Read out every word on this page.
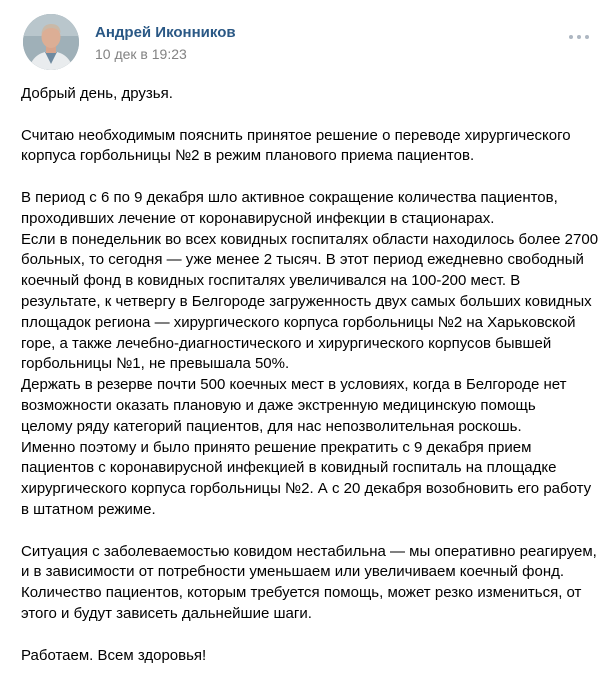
Андрей Иконников
10 дек в 19:23

Добрый день, друзья.

Считаю необходимым пояснить принятое решение о переводе хирургического

корпуса горбольницы №2 в режим планового приема пациентов.

В период с 6 по 9 декабря шло активное сокращение количества пациентов,

проходивших лечение от коронавирусной инфекции в стационарах.

Если в понедельник во всех ковидных госпиталях области находилось более 2700

больных, то сегодня — уже менее 2 тысяч. В этот период ежедневно свободный

коечный фонд в ковидных госпиталях увеличивался на 100-200 мест. В

результате, к четвергу в Белгороде загруженность двух самых больших ковидных

площадок региона — хирургического корпуса горбольницы №2 на Харьковской

горе, а также лечебно-диагностического и хирургического корпусов бывшей

горбольницы №1, не превышала 50%.

Держать в резерве почти 500 коечных мест в условиях, когда в Белгороде нет

возможности оказать плановую и даже экстренную медицинскую помощь

целому ряду категорий пациентов, для нас непозволительная роскошь.

Именно поэтому и было принято решение прекратить с 9 декабря прием

пациентов с коронавирусной инфекцией в ковидный госпиталь на площадке

хирургического корпуса горбольницы №2. А с 20 декабря возобновить его работу

в штатном режиме.

Ситуация с заболеваемостью ковидом нестабильна — мы оперативно реагируем,

и в зависимости от потребности уменьшаем или увеличиваем коечный фонд.

Количество пациентов, которым требуется помощь, может резко измениться, от

этого и будут зависеть дальнейшие шаги.

Работаем. Всем здоровья!
